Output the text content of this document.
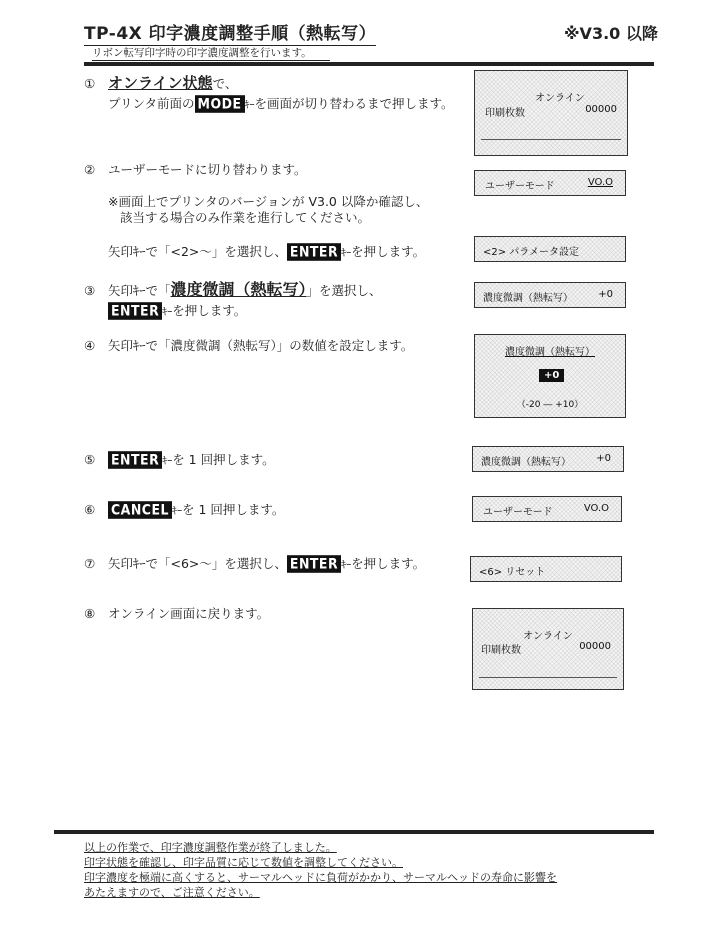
TP-4X 印字濃度調整手順（熱転写）	※V3.0 以降
リボン転写印字時の印字濃度調整を行います。
① オンライン状態で、
プリンタ前面の MODE ｷｰを画面が切り替わるまで押します。	オンライン
印刷枚数	00000
② ユーザーモードに切り替わります。
※画面上でプリンタのバージョンが V3.0 以降か確認し、
該当する場合のみ作業を進行してください。
矢印ｷｰで「<2>〜」を選択し、 ENTER ｷｰを押します。
ユーザーモード	VO.O
<2> パラメータ設定
③ 矢印ｷｰで「濃度微調（熱転写）」を選択し、
ENTER ｷｰを押します。
濃度微調（熱転写）	+0
④ 矢印ｷｰで「濃度微調（熱転写）」の数値を設定します。	濃度微調（熱転写）
+0
（-20 ― +10）
⑤ ENTER ｷｰを 1 回押します。	濃度微調（熱転写）	+0
⑥ CANCEL ｷｰを 1 回押します。	ユーザーモード	VO.O
⑦ 矢印ｷｰで「<6>〜」を選択し、 ENTER ｷｰを押します。
<6> リセット
⑧ オンライン画面に戻ります。
オンライン
印刷枚数	00000
以上の作業で、印字濃度調整作業が終了しました。
印字状態を確認し、印字品質に応じて数値を調整してください。
印字濃度を極端に高くすると、サーマルヘッドに負荷がかかり、サーマルヘッドの寿命に影響を
あたえますので、ご注意ください。
